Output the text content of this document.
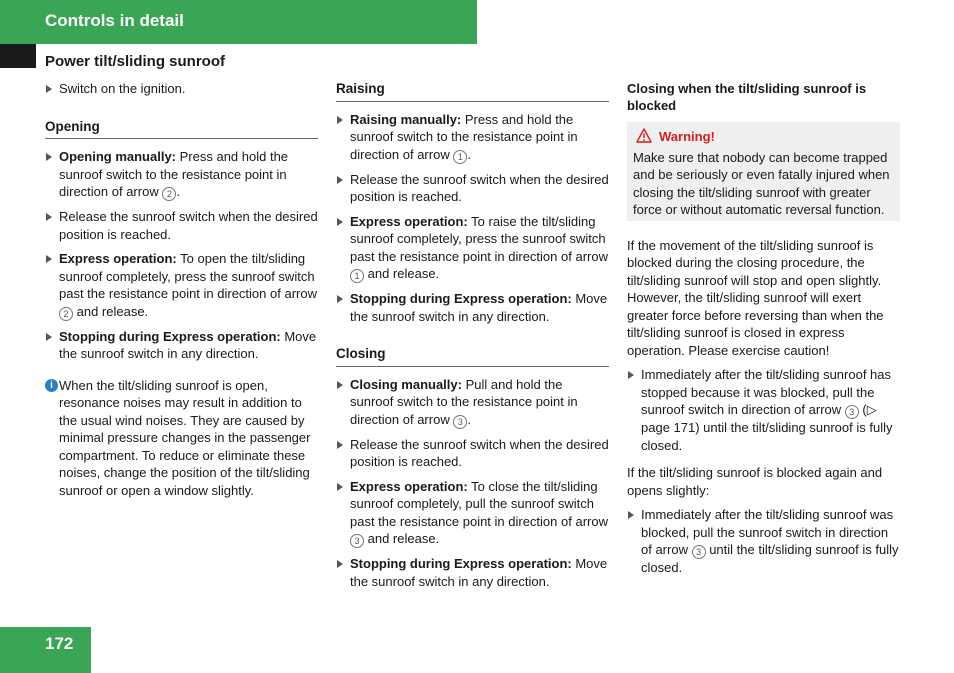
Controls in detail
Power tilt/sliding sunroof
Switch on the ignition.
Opening
Opening manually: Press and hold the sunroof switch to the resistance point in direction of arrow 2 .
Release the sunroof switch when the desired position is reached.
Express operation: To open the tilt/sliding sunroof completely, press the sunroof switch past the resistance point in direction of arrow 2 and release.
Stopping during Express operation: Move the sunroof switch in any direction.
i When the tilt/sliding sunroof is open, resonance noises may result in addition to the usual wind noises. They are caused by minimal pressure changes in the passenger compartment. To reduce or eliminate these noises, change the position of the tilt/sliding sunroof or open a window slightly.
Raising
Raising manually: Press and hold the sunroof switch to the resistance point in direction of arrow 1 .
Release the sunroof switch when the desired position is reached.
Express operation: To raise the tilt/sliding sunroof completely, press the sunroof switch past the resistance point in direction of arrow 1 and release.
Stopping during Express operation: Move the sunroof switch in any direction.
Closing
Closing manually: Pull and hold the sunroof switch to the resistance point in direction of arrow 3 .
Release the sunroof switch when the desired position is reached.
Express operation: To close the tilt/sliding sunroof completely, pull the sunroof switch past the resistance point in direction of arrow 3 and release.
Stopping during Express operation: Move the sunroof switch in any direction.
Closing when the tilt/sliding sunroof is blocked
Warning!
Make sure that nobody can become trapped and be seriously or even fatally injured when closing the tilt/sliding sunroof with greater force or without automatic reversal function.
If the movement of the tilt/sliding sunroof is blocked during the closing procedure, the tilt/sliding sunroof will stop and open slightly. However, the tilt/sliding sunroof will exert greater force before reversing than when the tilt/sliding sunroof is closed in express operation. Please exercise caution!
Immediately after the tilt/sliding sunroof has stopped because it was blocked, pull the sunroof switch in direction of arrow 3 (▷ page 171) until the tilt/sliding sunroof is fully closed.
If the tilt/sliding sunroof is blocked again and opens slightly:
Immediately after the tilt/sliding sunroof was blocked, pull the sunroof switch in direction of arrow 3 until the tilt/sliding sunroof is fully closed.
172
